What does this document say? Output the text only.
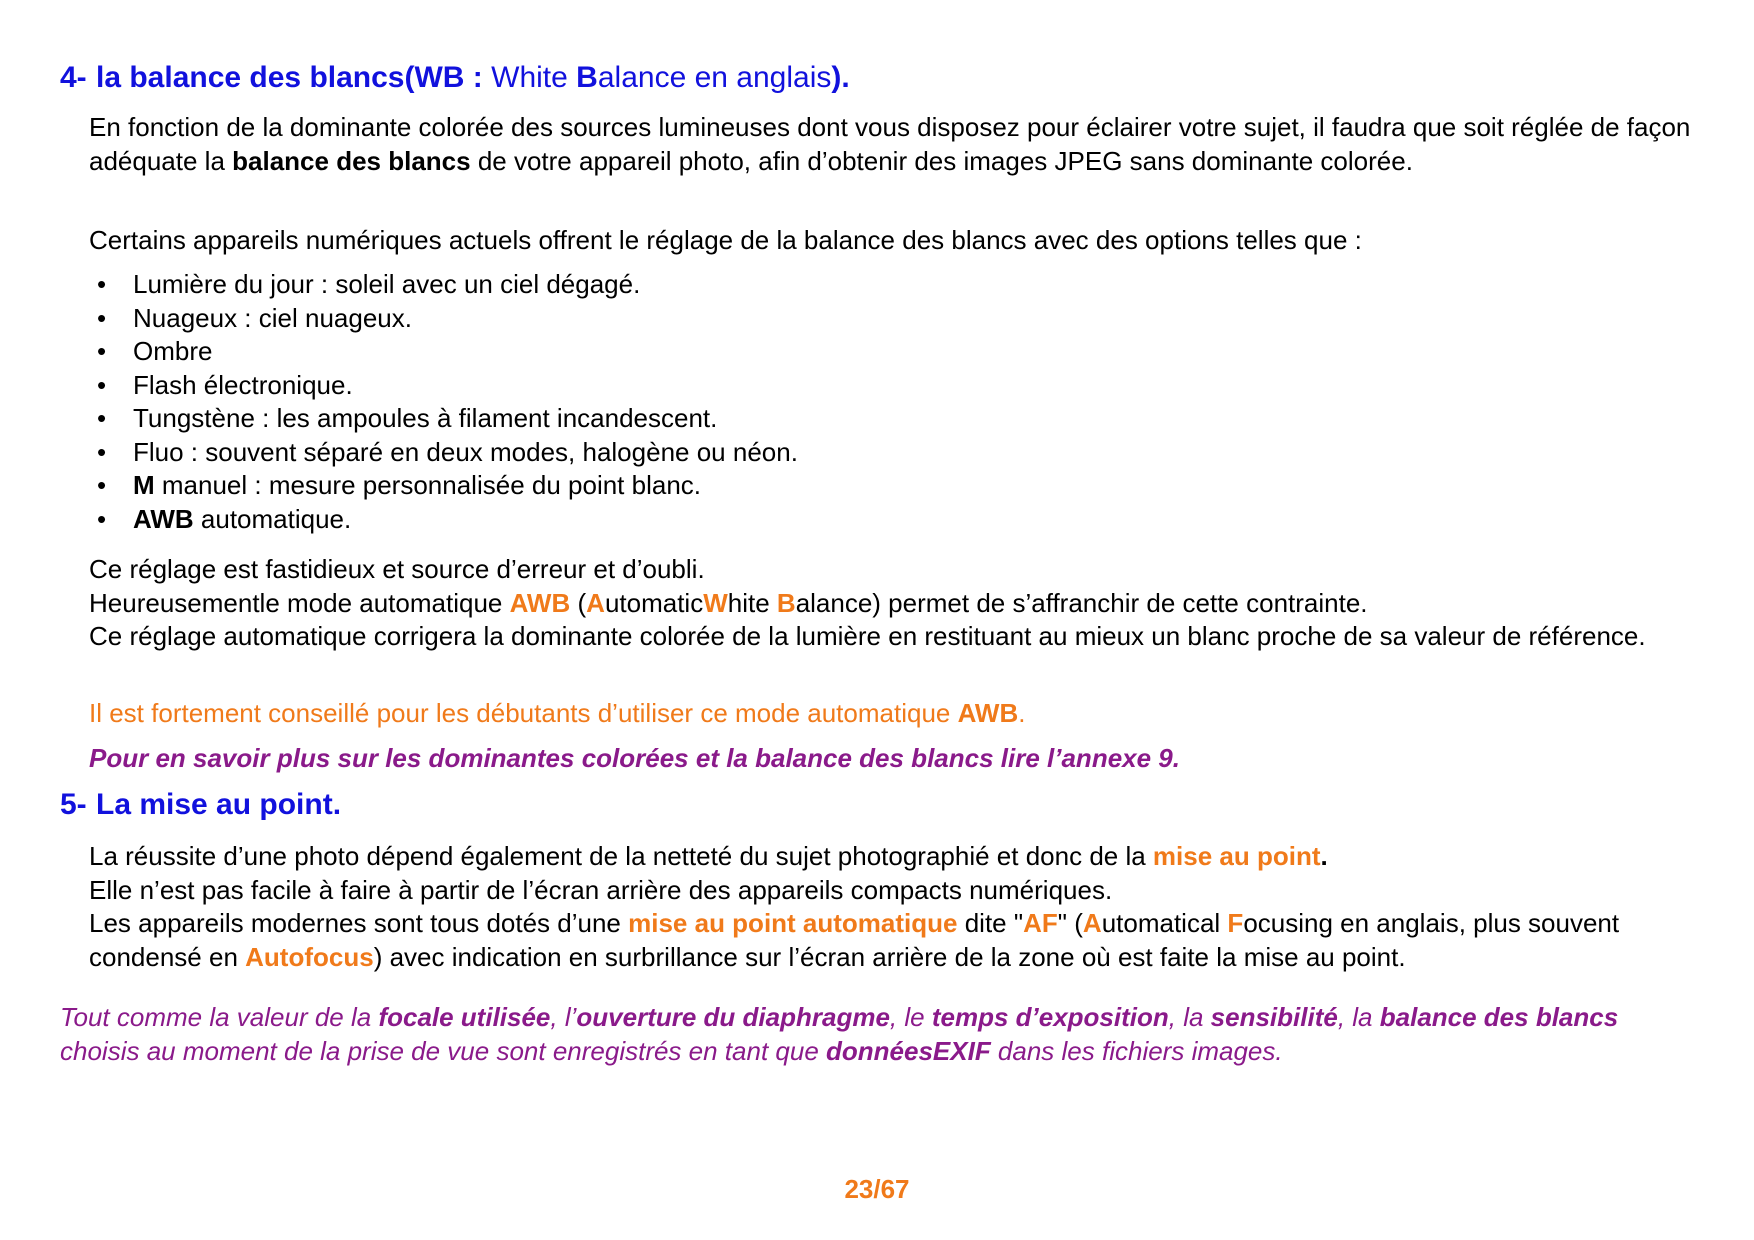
4- la balance des blancs(WB : White Balance en anglais).

En fonction de la dominante colorée des sources lumineuses dont vous disposez pour éclairer votre sujet, il faudra que soit réglée de façon adéquate la balance des blancs de votre appareil photo, afin d’obtenir des images JPEG sans dominante colorée.

Certains appareils numériques actuels offrent le réglage de la balance des blancs avec des options telles que :

• Lumière du jour : soleil avec un ciel dégagé.
• Nuageux : ciel nuageux.
• Ombre
• Flash électronique.
• Tungstène : les ampoules à filament incandescent.
• Fluo : souvent séparé en deux modes, halogène ou néon.
• M manuel : mesure personnalisée du point blanc.
• AWB automatique.

Ce réglage est fastidieux et source d’erreur et d’oubli.

Heureusementle mode automatique AWB (AutomaticWhite Balance) permet de s’affranchir de cette contrainte.

Ce réglage automatique corrigera la dominante colorée de la lumière en restituant au mieux un blanc proche de sa valeur de référence.

Il est fortement conseillé pour les débutants d’utiliser ce mode automatique AWB.

Pour en savoir plus sur les dominantes colorées et la balance des blancs lire l’annexe 9.

5- La mise au point.

La réussite d’une photo dépend également de la netteté du sujet photographié et donc de la mise au point.

Elle n’est pas facile à faire à partir de l’écran arrière des appareils compacts numériques.

Les appareils modernes sont tous dotés d’une mise au point automatique dite "AF" (Automatical Focusing en anglais, plus souvent condensé en Autofocus) avec indication en surbrillance sur l’écran arrière de la zone où est faite la mise au point.

Tout comme la valeur de la focale utilisée, l’ouverture du diaphragme, le temps d’exposition, la sensibilité, la balance des blancs choisis au moment de la prise de vue sont enregistrés en tant que donnéesEXIF dans les fichiers images.
23/67
